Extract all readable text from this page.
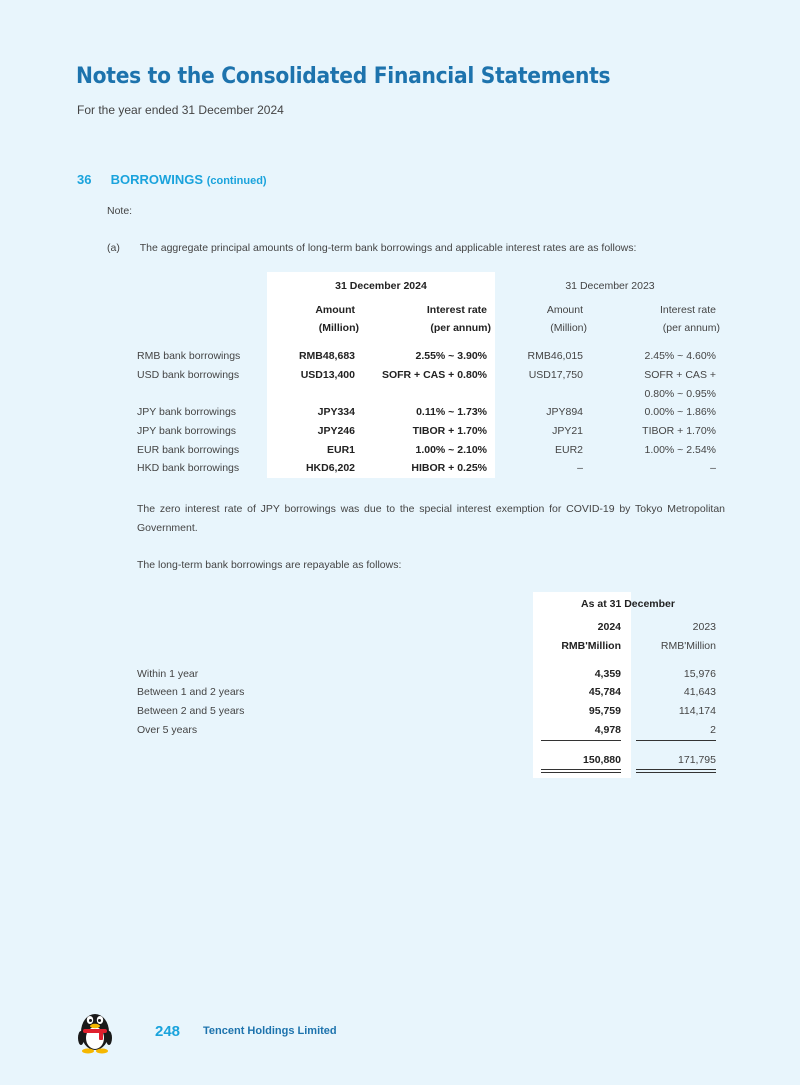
Notes to the Consolidated Financial Statements
For the year ended 31 December 2024
36 BORROWINGS (continued)
Note:
(a) The aggregate principal amounts of long-term bank borrowings and applicable interest rates are as follows:
31 December 2024	31 December 2023
Amount	Interest rate	Amount	Interest rate
(Million)	(per annum)	(Million)	(per annum)
RMB bank borrowings	RMB48,683	2.55% ~ 3.90%	RMB46,015	2.45% ~ 4.60%
USD bank borrowings	USD13,400	SOFR + CAS + 0.80%	USD17,750	SOFR + CAS +
0.80% ~ 0.95%
JPY bank borrowings	JPY334	0.11% ~ 1.73%	JPY894	0.00% ~ 1.86%
JPY bank borrowings	JPY246	TIBOR + 1.70%	JPY21	TIBOR + 1.70%
EUR bank borrowings	EUR1	1.00% ~ 2.10%	EUR2	1.00% ~ 2.54%
HKD bank borrowings	HKD6,202	HIBOR + 0.25%	–	–
The zero interest rate of JPY borrowings was due to the special interest exemption for COVID-19 by Tokyo Metropolitan Government.
The long-term bank borrowings are repayable as follows:
As at 31 December
2024	2023
RMB'Million	RMB'Million
Within 1 year	4,359	15,976
Between 1 and 2 years	45,784	41,643
Between 2 and 5 years	95,759	114,174
Over 5 years	4,978	2
150,880	171,795
248 Tencent Holdings Limited
